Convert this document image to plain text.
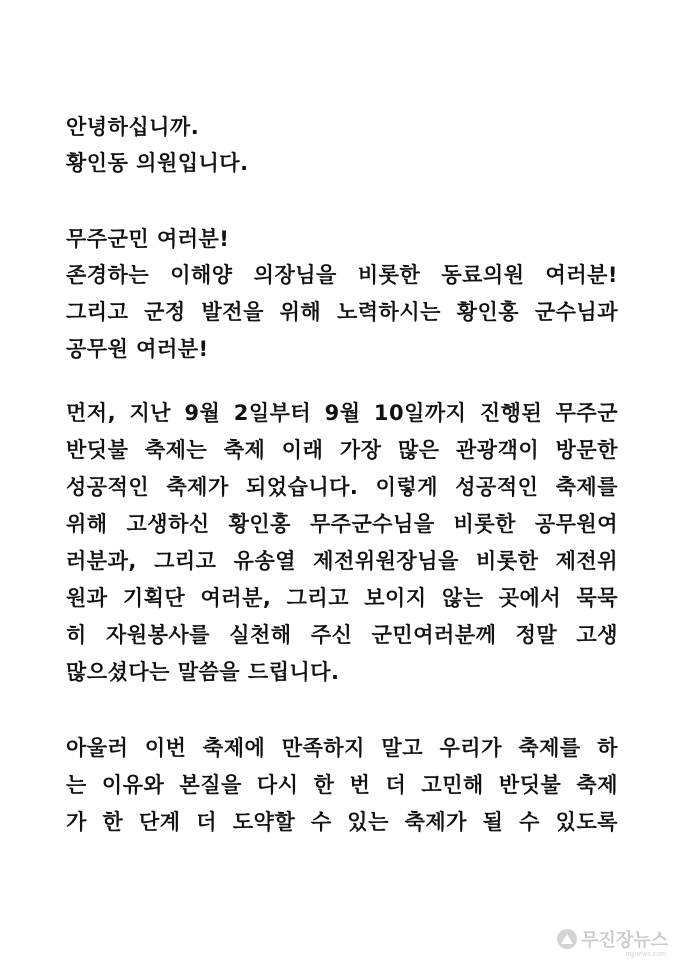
안녕하십니까.
황인동 의원입니다.
무주군민 여러분!
존경하는 이해양 의장님을 비롯한 동료의원 여러분!
그리고 군정 발전을 위해 노력하시는 황인홍 군수님과
공무원 여러분!
먼저, 지난 9월 2일부터 9월 10일까지 진행된 무주군
반딧불 축제는 축제 이래 가장 많은 관광객이 방문한
성공적인 축제가 되었습니다. 이렇게 성공적인 축제를
위해 고생하신 황인홍 무주군수님을 비롯한 공무원여
러분과, 그리고 유송열 제전위원장님을 비롯한 제전위
원과 기획단 여러분, 그리고 보이지 않는 곳에서 묵묵
히 자원봉사를 실천해 주신 군민여러분께 정말 고생
많으셨다는 말씀을 드립니다.
아울러 이번 축제에 만족하지 말고 우리가 축제를 하
는 이유와 본질을 다시 한 번 더 고민해 반딧불 축제
가 한 단계 더 도약할 수 있는 축제가 될 수 있도록
무진장뉴스
mjjnews.com
